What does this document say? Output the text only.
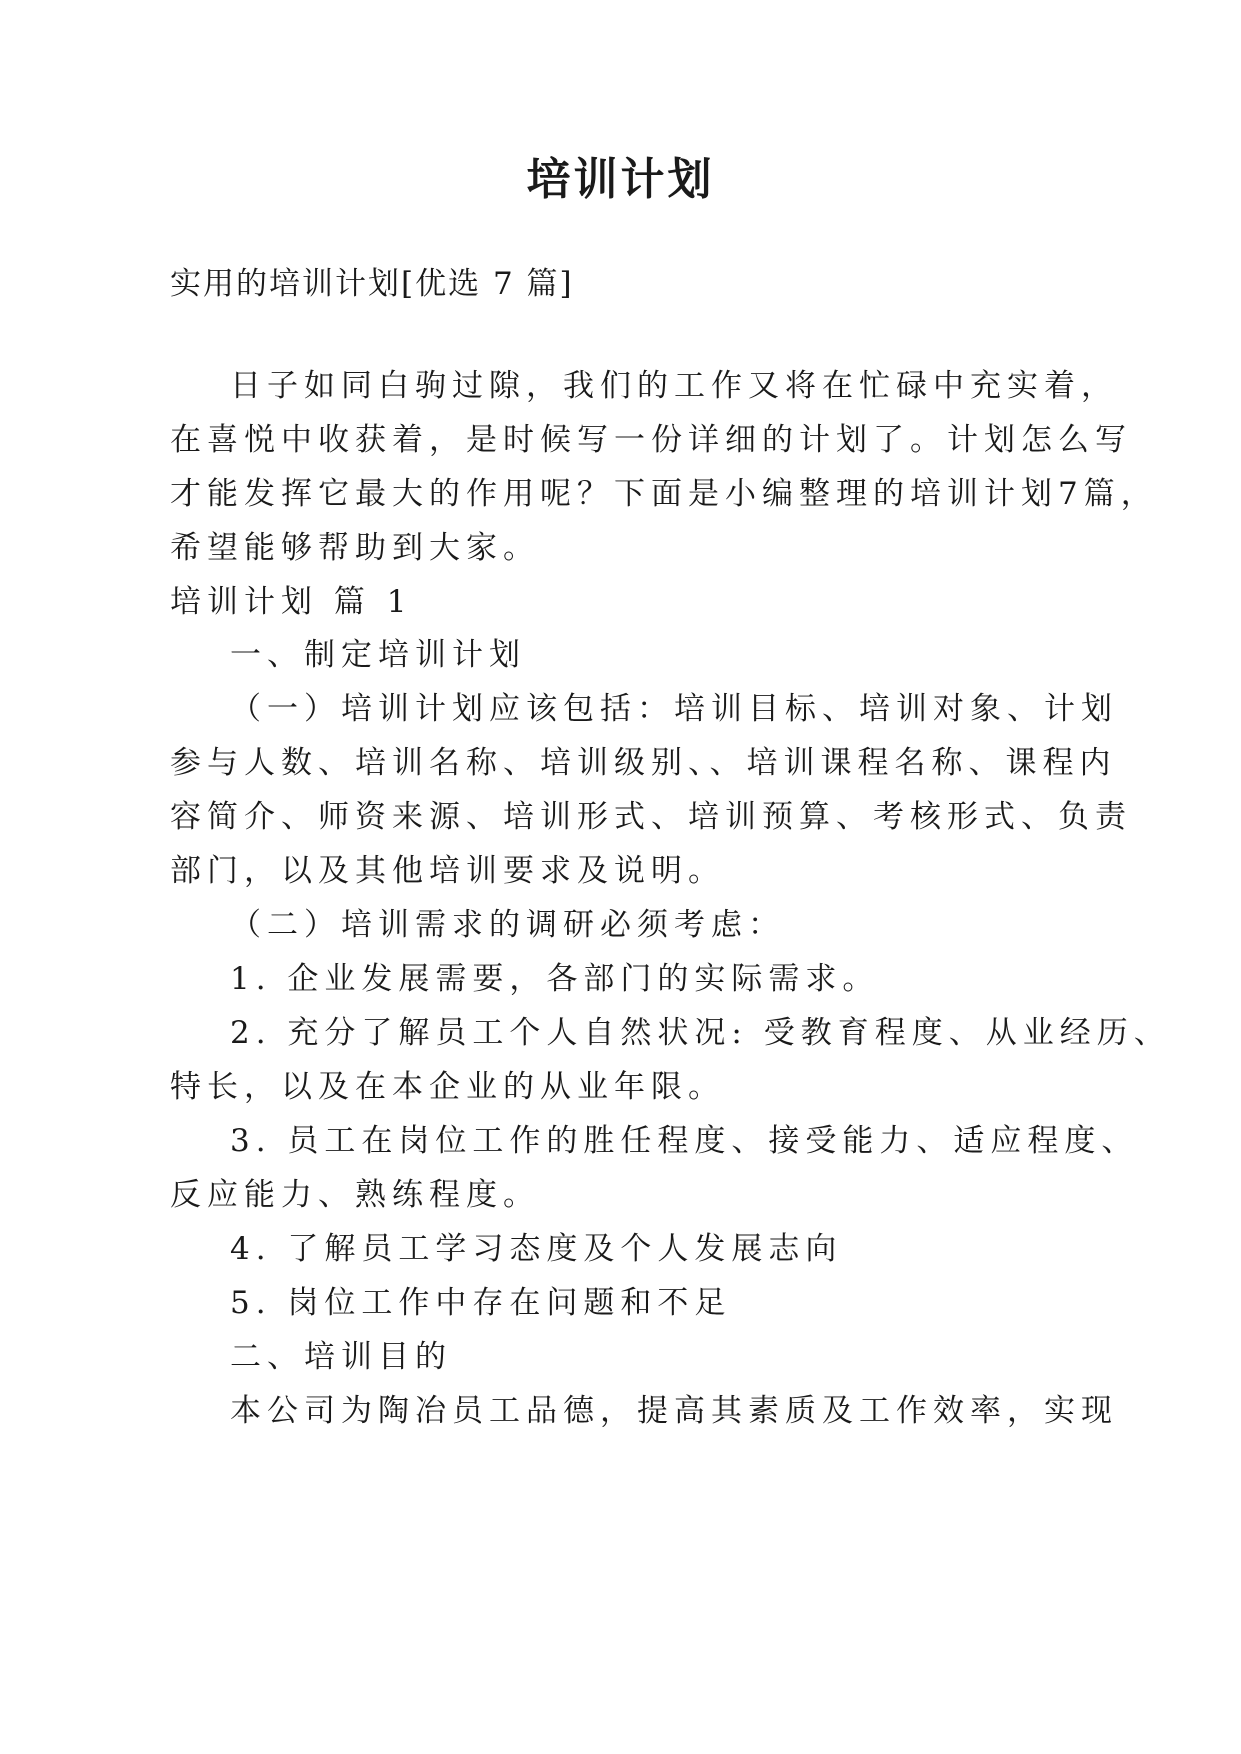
培训计划

实用的培训计划[优选 7 篇]

日子如同白驹过隙，我们的工作又将在忙碌中充实着，

在喜悦中收获着，是时候写一份详细的计划了。计划怎么写

才能发挥它最大的作用呢？下面是小编整理的培训计划7篇，

希望能够帮助到大家。

培训计划 篇 1

一、制定培训计划

（一）培训计划应该包括：培训目标、培训对象、计划

参与人数、培训名称、培训级别、、培训课程名称、课程内

容简介、师资来源、培训形式、培训预算、考核形式、负责

部门，以及其他培训要求及说明。

（二）培训需求的调研必须考虑：

1. 企业发展需要，各部门的实际需求。

2. 充分了解员工个人自然状况: 受教育程度、从业经历、

特长，以及在本企业的从业年限。

3. 员工在岗位工作的胜任程度、接受能力、适应程度、

反应能力、熟练程度。

4. 了解员工学习态度及个人发展志向

5. 岗位工作中存在问题和不足

二、培训目的

本公司为陶冶员工品德，提高其素质及工作效率，实现
